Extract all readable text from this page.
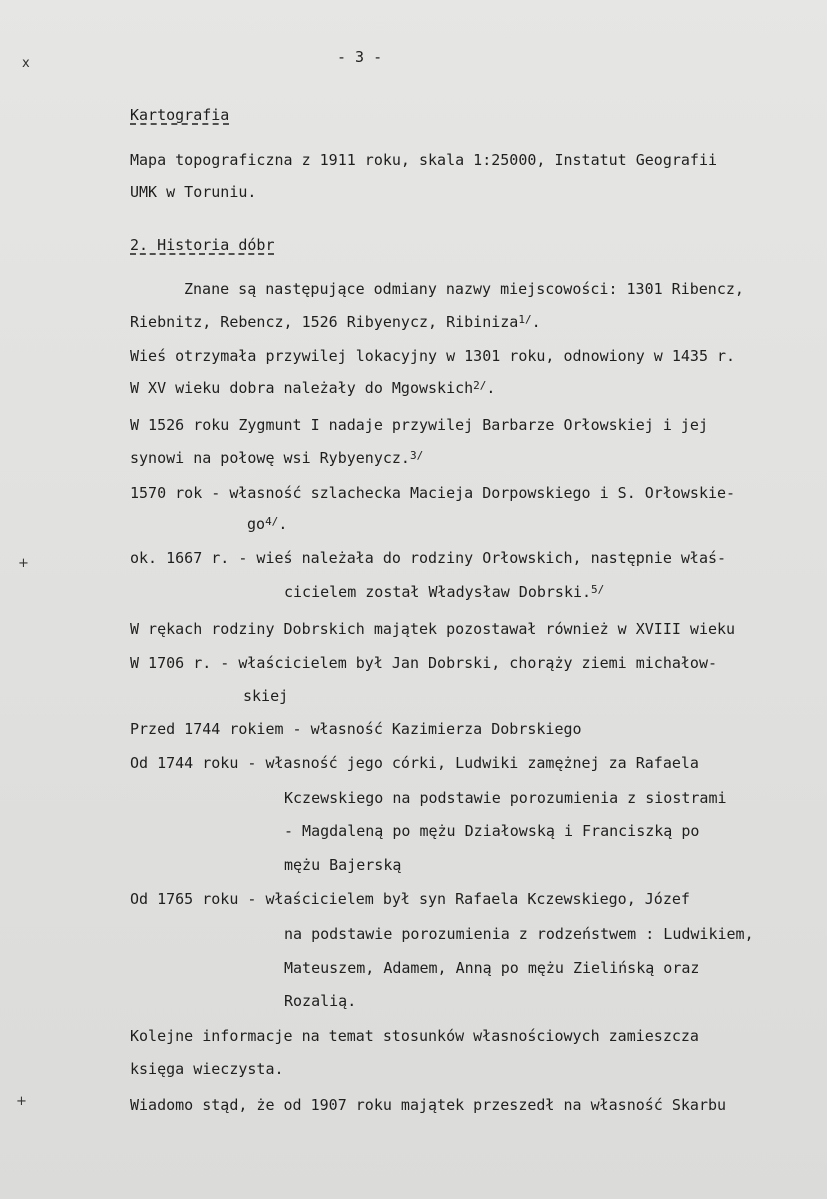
- 3 -
x
+
+
Kartografia
Mapa topograficzna z 1911 roku, skala 1:25000, Instatut Geografii
UMK w Toruniu.
2. Historia dóbr
Znane są następujące odmiany nazwy miejscowości: 1301 Ribencz,
Riebnitz, Rebencz, 1526 Ribyenycz, Ribiniza$^{1/}$.
Wieś otrzymała przywilej lokacyjny w 1301 roku, odnowiony w 1435 r.
W XV wieku dobra należały do Mgowskich$^{2/}$.
W 1526 roku Zygmunt I nadaje przywilej Barbarze Orłowskiej i jej
synowi na połowę wsi Rybyenycz.$^{3/}$
1570 rok - własność szlachecka Macieja Dorpowskiego i S. Orłowskie-
$go^{4/}$.
ok. 1667 r. - wieś należała do rodziny Orłowskich, następnie właś-
cicielem został Władysław Dobrski.$^{5/}$
W rękach rodziny Dobrskich majątek pozostawał również w XVIII wieku
W 1706 r. - właścicielem był Jan Dobrski, chorąży ziemi michałow-
skiej
Przed 1744 rokiem - własność Kazimierza Dobrskiego
Od 1744 roku - własność jego córki, Ludwiki zamężnej za Rafaela
Kczewskiego na podstawie porozumienia z siostrami
- Magdaleną po mężu Działowską i Franciszką po
mężu Bajerską
Od 1765 roku - właścicielem był syn Rafaela Kczewskiego, Józef
na podstawie porozumienia z rodzeństwem : Ludwikiem,
Mateuszem, Adamem, Anną po mężu Zielińską oraz
Rozalią.
Kolejne informacje na temat stosunków własnościowych zamieszcza
księga wieczysta.
Wiadomo stąd, że od 1907 roku majątek przeszedł na własność Skarbu
